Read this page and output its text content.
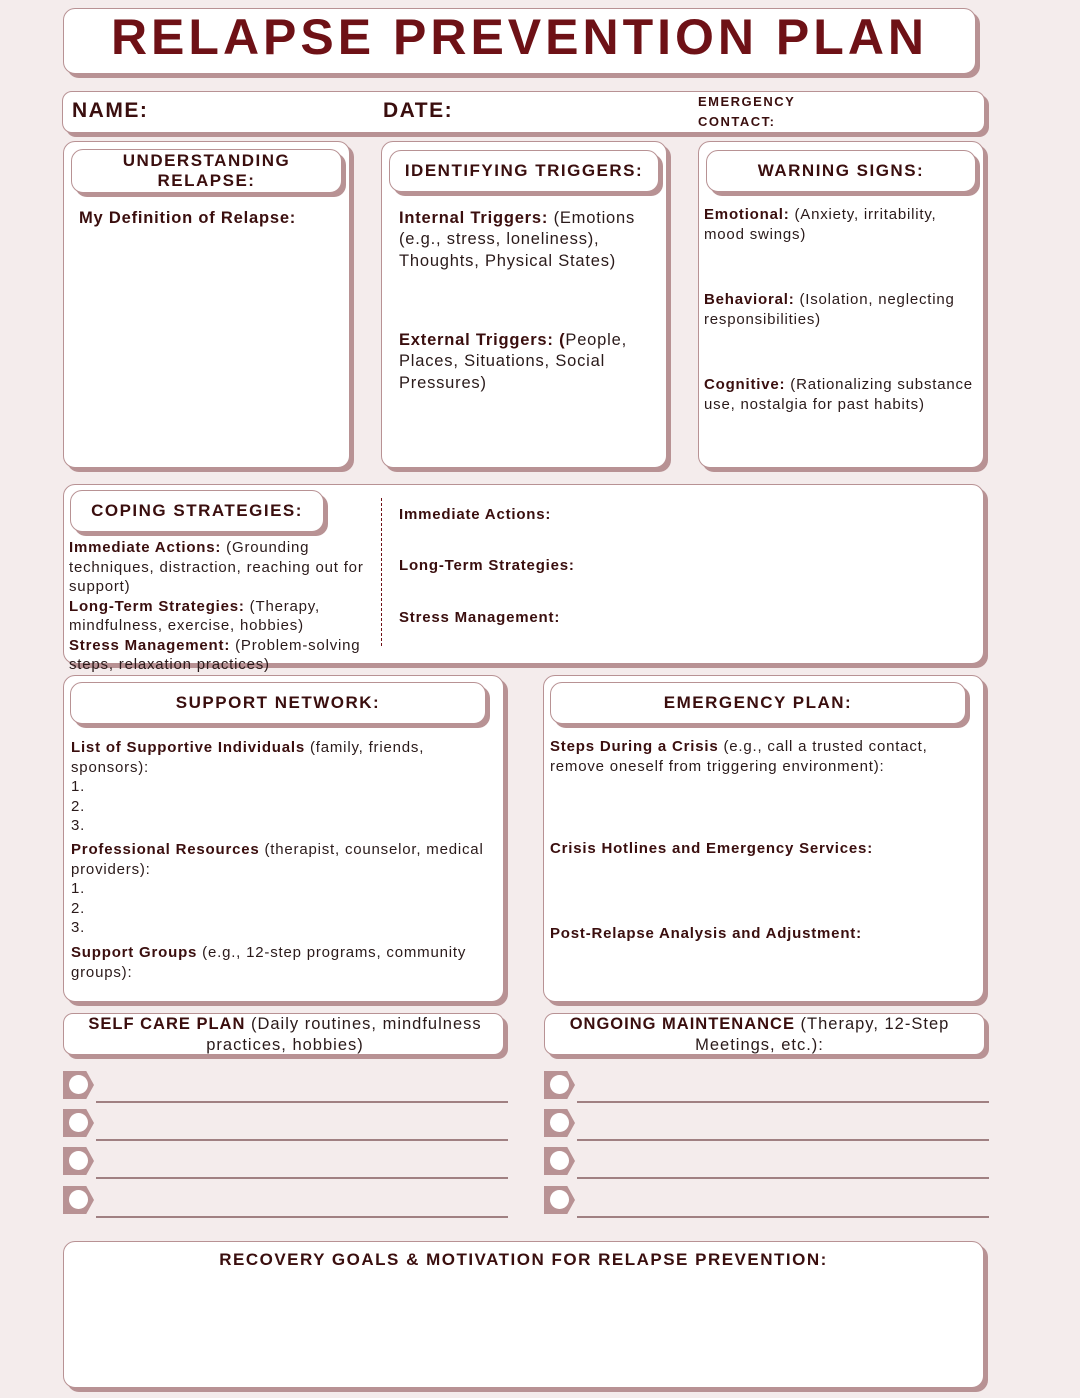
RELAPSE PREVENTION PLAN
NAME:	DATE:	EMERGENCY
CONTACT:
UNDERSTANDING
RELAPSE:
My Definition of Relapse:
IDENTIFYING TRIGGERS:
Internal Triggers: (Emotions (e.g., stress, loneliness), Thoughts, Physical States)
External Triggers: (People, Places, Situations, Social Pressures)
WARNING SIGNS:
Emotional: (Anxiety, irritability, mood swings)
Behavioral: (Isolation, neglecting responsibilities)
Cognitive: (Rationalizing substance use, nostalgia for past habits)
COPING STRATEGIES:
Immediate Actions: (Grounding techniques, distraction, reaching out for support)
Long-Term Strategies: (Therapy, mindfulness, exercise, hobbies)
Stress Management: (Problem-solving steps, relaxation practices)
Immediate Actions:
Long-Term Strategies:
Stress Management:
SUPPORT NETWORK:
List of Supportive Individuals (family, friends, sponsors):
1.
2.
3.
Professional Resources (therapist, counselor, medical providers):
1.
2.
3.
Support Groups (e.g., 12-step programs, community groups):
EMERGENCY PLAN:
Steps During a Crisis (e.g., call a trusted contact, remove oneself from triggering environment):
Crisis Hotlines and Emergency Services:
Post-Relapse Analysis and Adjustment:
SELF CARE PLAN (Daily routines, mindfulness practices, hobbies)
ONGOING MAINTENANCE (Therapy, 12-Step Meetings, etc.):
RECOVERY GOALS & MOTIVATION FOR RELAPSE PREVENTION:
